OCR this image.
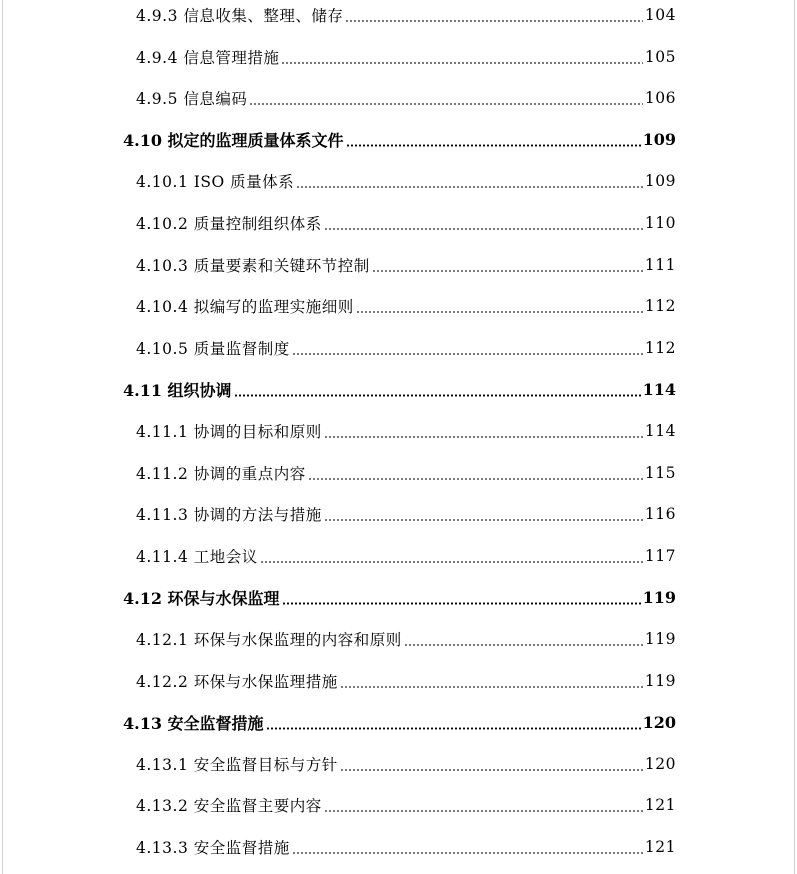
4.9.3 信息收集、整理、储存	104
4.9.4 信息管理措施	105
4.9.5 信息编码	106
4.10 拟定的监理质量体系文件	109
4.10.1 ISO 质量体系	109
4.10.2 质量控制组织体系	110
4.10.3 质量要素和关键环节控制	111
4.10.4 拟编写的监理实施细则	112
4.10.5 质量监督制度	112
4.11 组织协调	114
4.11.1 协调的目标和原则	114
4.11.2 协调的重点内容	115
4.11.3 协调的方法与措施	116
4.11.4 工地会议	117
4.12 环保与水保监理	119
4.12.1 环保与水保监理的内容和原则	119
4.12.2 环保与水保监理措施	119
4.13 安全监督措施	120
4.13.1 安全监督目标与方针	120
4.13.2 安全监督主要内容	121
4.13.3 安全监督措施	121
